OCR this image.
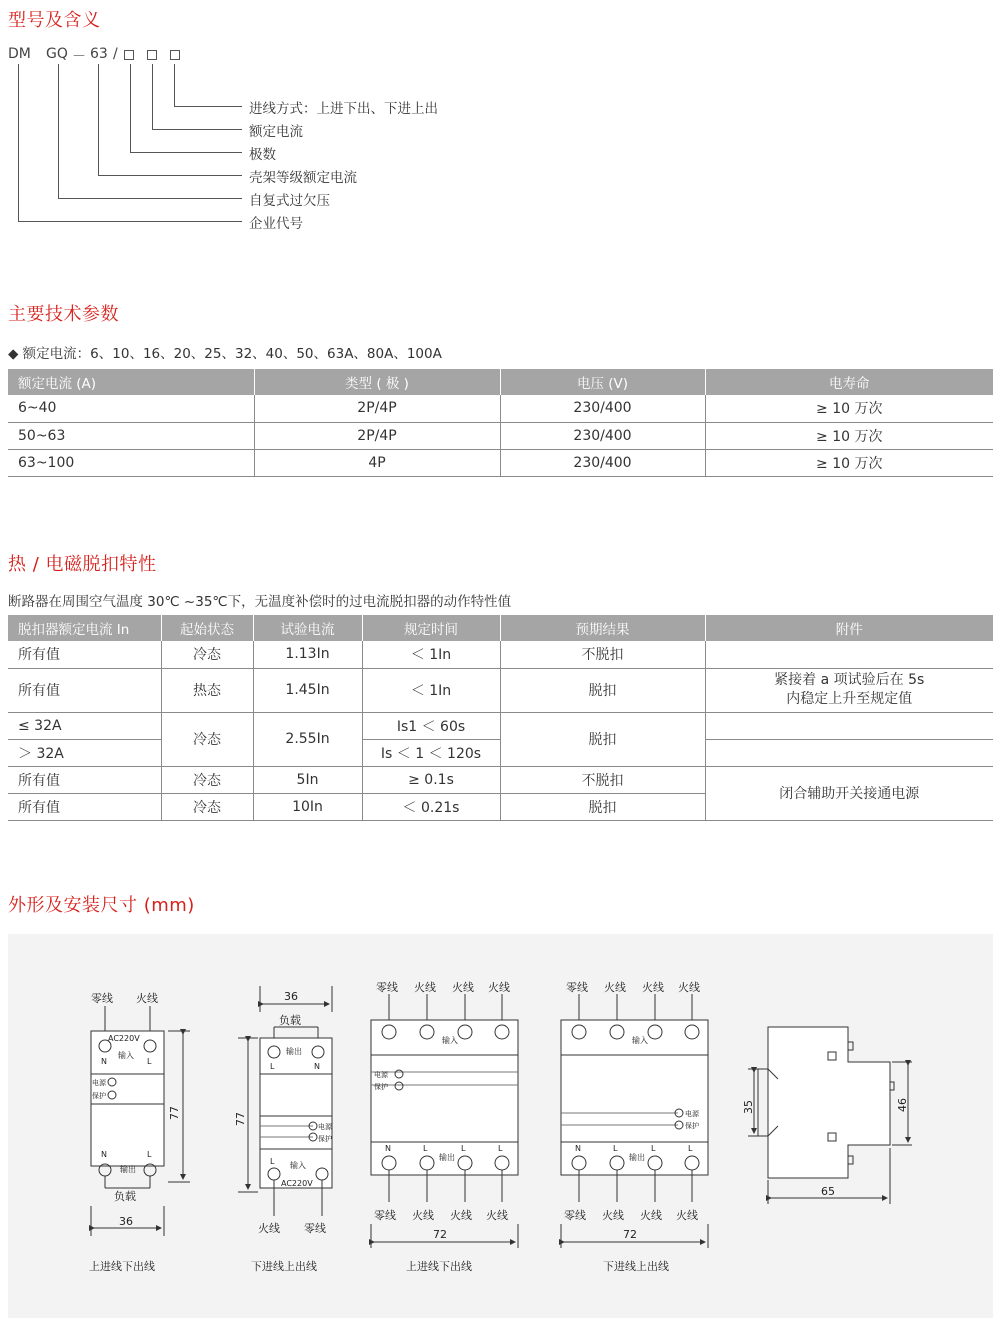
型号及含义
DM GQ － 63 /
进线方式：上进下出、下进上出
额定电流
极数
壳架等级额定电流
自复式过欠压
企业代号
主要技术参数
◆ 额定电流：6、10、16、20、25、32、40、50、63A、80A、100A
额定电流 (A)	类型 ( 极 )	电压 (V)	电寿命
6~40	2P/4P	230/400	≥ 10 万次
50~63	2P/4P	230/400	≥ 10 万次
63~100	4P	230/400	≥ 10 万次
热 / 电磁脱扣特性
断路器在周围空气温度 30℃ ~35℃下，无温度补偿时的过电流脱扣器的动作特性值
脱扣器额定电流 In	起始状态	试验电流	规定时间	预期结果	附件
所有值	冷态	1.13In	＜ 1In	不脱扣	
所有值	热态	1.45In	＜ 1In	脱扣	紧接着 a 项试验后在 5s
内稳定上升至规定值

≤ 32A	冷态	2.55In	Is1 ＜ 60s	脱扣	
＞ 32A			Is ＜ 1 ＜ 120s		
所有值	冷态	5In	≥ 0.1s	不脱扣	闭合辅助开关接通电源
所有值	冷态	10In	＜ 0.21s	脱扣	
外形及安装尺寸 (mm)
零线 火线
AC220V
输入
N	L
电源
保护
N	L
输出
负载
77
36
上进线下出线
36
负载
输出
L	N
电源
保护
L 输入
AC220V
77
火线 零线
下进线上出线
零线 火线 火线 火线
输入
电源
保护
N	L	L	L
输出
零线 火线 火线 火线
72
上进线下出线
零线 火线 火线 火线
输入
电源
保护
N	L	L	L
输出
零线 火线 火线 火线
72
下进线上出线
35	46
65
